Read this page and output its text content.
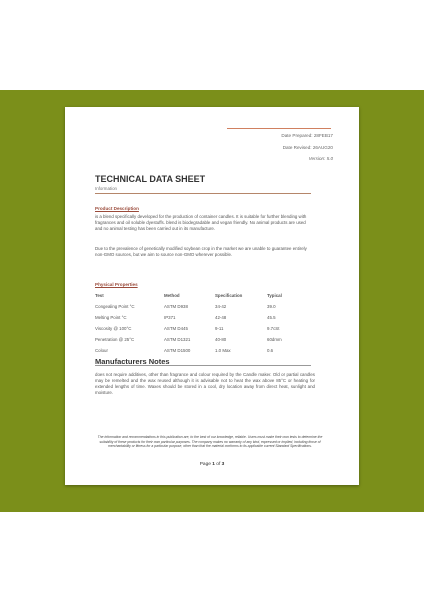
Date Prepared: 28FEB17
Date Revised: 26AUG20
Version: 5.0
TECHNICAL DATA SHEET
Information
Product Description
is a blend specifically developed for the production of container candles. It is suitable for further blending with fragrances and oil soluble dyestuffs. blend is biodegradable and vegan friendly. No animal products are used and no animal testing has been carried out in its manufacture.
Due to the prevalence of genetically modified soybean crop in the market we are unable to guarantee entirely non-GMO sources, but we aim to source non-GMO wherever possible.
Physical Properties
Test	Method	Specification	Typical
Congealing Point °C	ASTM D938	34-42	39.0
Melting Point °C	IP371	42-48	45.5
Viscosity @ 100°C	ASTM D445	9-11	9.7cSt
Penetration @ 25°C	ASTM D1321	40-80	60dmm
Colour	ASTM D1500	1.0 Max	0.6
Manufacturers Notes
does not require additives, other than fragrance and colour required by the Candle maker. Old or partial candles may be remelted and the wax reused although it is advisable not to heat the wax above 85°C or heating for extended lengths of time. Waxes should be stored in a cool, dry location away from direct heat, sunlight and moisture.
The information and recommendations in this publication are, to the best of our knowledge, reliable. Users must make their own tests to determine the suitability of these products for their own particular purposes. The company makes no warranty of any kind, expressed or implied, including those of merchantability or fitness for a particular purpose, other than that the material conforms to its applicable current Standard Specifications.
Page 1 of 3
